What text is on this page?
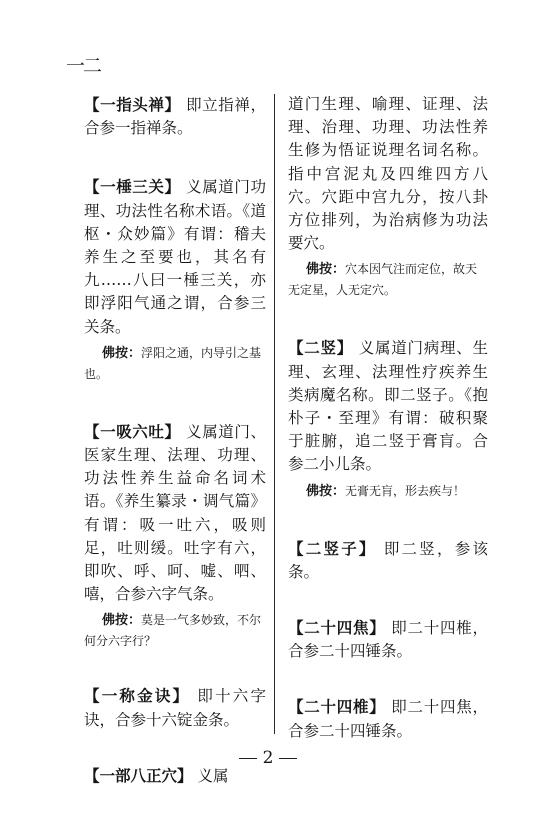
一二

【一指头禅】 即立指禅，合参一指禅条。

【一棰三关】 义属道门功理、功法性名称术语。《道枢・众妙篇》有谓：稽夫养生之至要也，其名有九……八曰一棰三关，亦即浮阳气通之谓，合参三关条。

佛按：浮阳之通，内导引之基也。

【一吸六吐】 义属道门、医家生理、法理、功理、功法性养生益命名词术语。《养生纂录・调气篇》有谓：吸一吐六，吸则足，吐则缓。吐字有六，即吹、呼、呵、嘘、呬、嘻，合参六字气条。

佛按：莫是一气多妙致，不尔何分六字行？

【一称金诀】 即十六字诀，合参十六锭金条。

【一部八正穴】 义属

道门生理、喻理、证理、法理、治理、功理、功法性养生修为悟证说理名词名称。指中宫泥丸及四维四方八穴。穴距中宫九分，按八卦方位排列，为治病修为功法要穴。

佛按：穴本因气注而定位，故天无定星，人无定穴。

【二竖】 义属道门病理、生理、玄理、法理性疗疾养生类病魔名称。即二竖子。《抱朴子・至理》有谓：破积聚于脏腑，追二竖于膏肓。合参二小儿条。

佛按：无膏无肓，形去疾与！

【二竖子】 即二竖，参该条。

【二十四焦】 即二十四椎，合参二十四锤条。

【二十四椎】 即二十四焦，合参二十四锤条。

2
